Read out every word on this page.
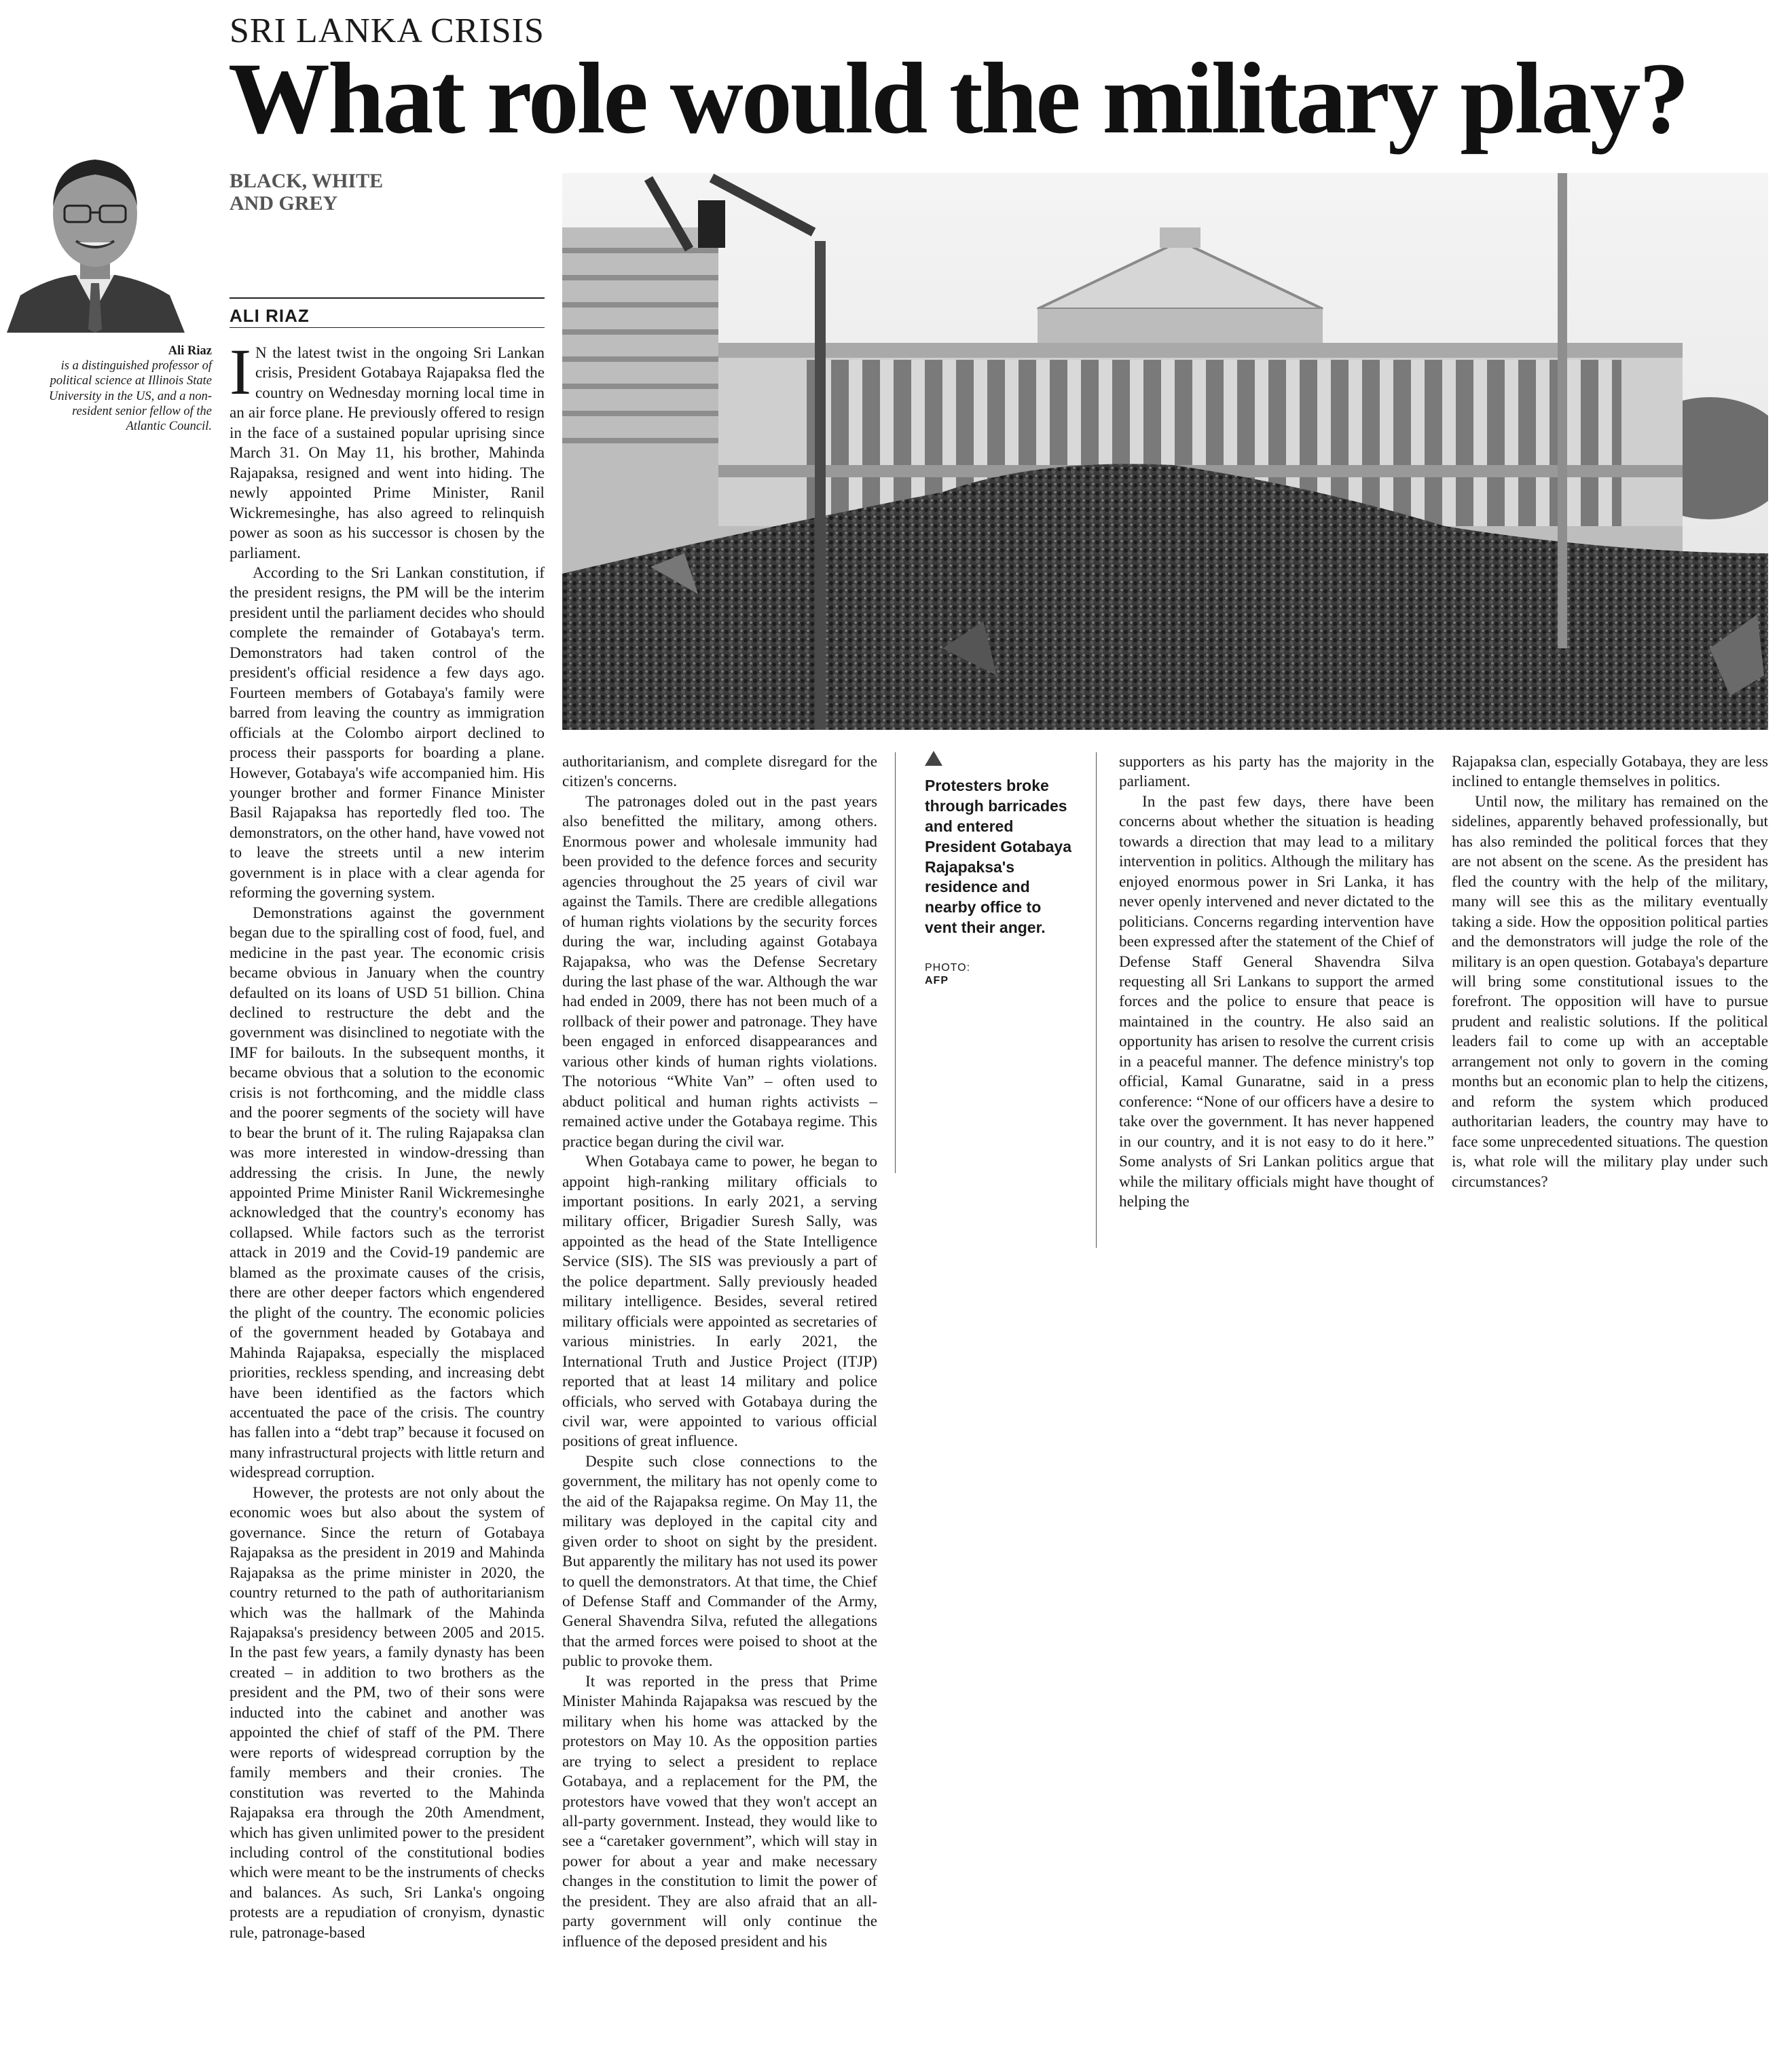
SRI LANKA CRISIS
What role would the military play?
BLACK, WHITE
AND GREY
ALI RIAZ
Ali Riaz
is a distinguished professor of political science at Illinois State University in the US, and a non-resident senior fellow of the Atlantic Council.

I N the latest twist in the ongoing Sri Lankan crisis, President Gotabaya Rajapaksa fled the country on Wednesday morning local time in an air force plane. He previously offered to resign in the face of a sustained popular uprising since March 31. On May 11, his brother, Mahinda Rajapaksa, resigned and went into hiding. The newly appointed Prime Minister, Ranil Wickremesinghe, has also agreed to relinquish power as soon as his successor is chosen by the parliament.

According to the Sri Lankan constitution, if the president resigns, the PM will be the interim president until the parliament decides who should complete the remainder of Gotabaya's term. Demonstrators had taken control of the president's official residence a few days ago. Fourteen members of Gotabaya's family were barred from leaving the country as immigration officials at the Colombo airport declined to process their passports for boarding a plane. However, Gotabaya's wife accompanied him. His younger brother and former Finance Minister Basil Rajapaksa has reportedly fled too. The demonstrators, on the other hand, have vowed not to leave the streets until a new interim government is in place with a clear agenda for reforming the governing system.

Demonstrations against the government began due to the spiralling cost of food, fuel, and medicine in the past year. The economic crisis became obvious in January when the country defaulted on its loans of USD 51 billion. China declined to restructure the debt and the government was disinclined to negotiate with the IMF for bailouts. In the subsequent months, it became obvious that a solution to the economic crisis is not forthcoming, and the middle class and the poorer segments of the society will have to bear the brunt of it. The ruling Rajapaksa clan was more interested in window-dressing than addressing the crisis. In June, the newly appointed Prime Minister Ranil Wickremesinghe acknowledged that the country's economy has collapsed. While factors such as the terrorist attack in 2019 and the Covid-19 pandemic are blamed as the proximate causes of the crisis, there are other deeper factors which engendered the plight of the country. The economic policies of the government headed by Gotabaya and Mahinda Rajapaksa, especially the misplaced priorities, reckless spending, and increasing debt have been identified as the factors which accentuated the pace of the crisis. The country has fallen into a “debt trap” because it focused on many infrastructural projects with little return and widespread corruption.

However, the protests are not only about the economic woes but also about the system of governance. Since the return of Gotabaya Rajapaksa as the president in 2019 and Mahinda Rajapaksa as the prime minister in 2020, the country returned to the path of authoritarianism which was the hallmark of the Mahinda Rajapaksa's presidency between 2005 and 2015. In the past few years, a family dynasty has been created – in addition to two brothers as the president and the PM, two of their sons were inducted into the cabinet and another was appointed the chief of staff of the PM. There were reports of widespread corruption by the family members and their cronies. The constitution was reverted to the Mahinda Rajapaksa era through the 20th Amendment, which has given unlimited power to the president including control of the constitutional bodies which were meant to be the instruments of checks and balances. As such, Sri Lanka's ongoing protests are a repudiation of cronyism, dynastic rule, patronage-based

Protesters broke through barricades and entered President Gotabaya Rajapaksa's residence and nearby office to vent their anger.
PHOTO:
AFP

authoritarianism, and complete disregard for the citizen's concerns.

The patronages doled out in the past years also benefitted the military, among others. Enormous power and wholesale immunity had been provided to the defence forces and security agencies throughout the 25 years of civil war against the Tamils. There are credible allegations of human rights violations by the security forces during the war, including against Gotabaya Rajapaksa, who was the Defense Secretary during the last phase of the war. Although the war had ended in 2009, there has not been much of a rollback of their power and patronage. They have been engaged in enforced disappearances and various other kinds of human rights violations. The notorious “White Van” – often used to abduct political and human rights activists – remained active under the Gotabaya regime. This practice began during the civil war.

When Gotabaya came to power, he began to appoint high-ranking military officials to important positions. In early 2021, a serving military officer, Brigadier Suresh Sally, was appointed as the head of the State Intelligence Service (SIS). The SIS was previously a part of the police department. Sally previously headed military intelligence. Besides, several retired military officials were appointed as secretaries of various ministries. In early 2021, the International Truth and Justice Project (ITJP) reported that at least 14 military and police officials, who served with Gotabaya during the civil war, were appointed to various official positions of great influence.

Despite such close connections to the government, the military has not openly come to the aid of the Rajapaksa regime. On May 11, the military was deployed in the capital city and given order to shoot on sight by the president. But apparently the military has not used its power to quell the demonstrators. At that time, the Chief of Defense Staff and Commander of the Army, General Shavendra Silva, refuted the allegations that the armed forces were poised to shoot at the public to provoke them.

It was reported in the press that Prime Minister Mahinda Rajapaksa was rescued by the military when his home was attacked by the protestors on May 10. As the opposition parties are trying to select a president to replace Gotabaya, and a replacement for the PM, the protestors have vowed that they won't accept an all-party government. Instead, they would like to see a “caretaker government”, which will stay in power for about a year and make necessary changes in the constitution to limit the power of the president. They are also afraid that an all-party government will only continue the influence of the deposed president and his

supporters as his party has the majority in the parliament.

In the past few days, there have been concerns about whether the situation is heading towards a direction that may lead to a military intervention in politics. Although the military has enjoyed enormous power in Sri Lanka, it has never openly intervened and never dictated to the politicians. Concerns regarding intervention have been expressed after the statement of the Chief of Defense Staff General Shavendra Silva requesting all Sri Lankans to support the armed forces and the police to ensure that peace is maintained in the country. He also said an opportunity has arisen to resolve the current crisis in a peaceful manner. The defence ministry's top official, Kamal Gunaratne, said in a press conference: “None of our officers have a desire to take over the government. It has never happened in our country, and it is not easy to do it here.” Some analysts of Sri Lankan politics argue that while the military officials might have thought of helping the

Rajapaksa clan, especially Gotabaya, they are less inclined to entangle themselves in politics.

Until now, the military has remained on the sidelines, apparently behaved professionally, but has also reminded the political forces that they are not absent on the scene. As the president has fled the country with the help of the military, many will see this as the military eventually taking a side. How the opposition political parties and the demonstrators will judge the role of the military is an open question. Gotabaya's departure will bring some constitutional issues to the forefront. The opposition will have to pursue prudent and realistic solutions. If the political leaders fail to come up with an acceptable arrangement not only to govern in the coming months but an economic plan to help the citizens, and reform the system which produced authoritarian leaders, the country may have to face some unprecedented situations. The question is, what role will the military play under such circumstances?
